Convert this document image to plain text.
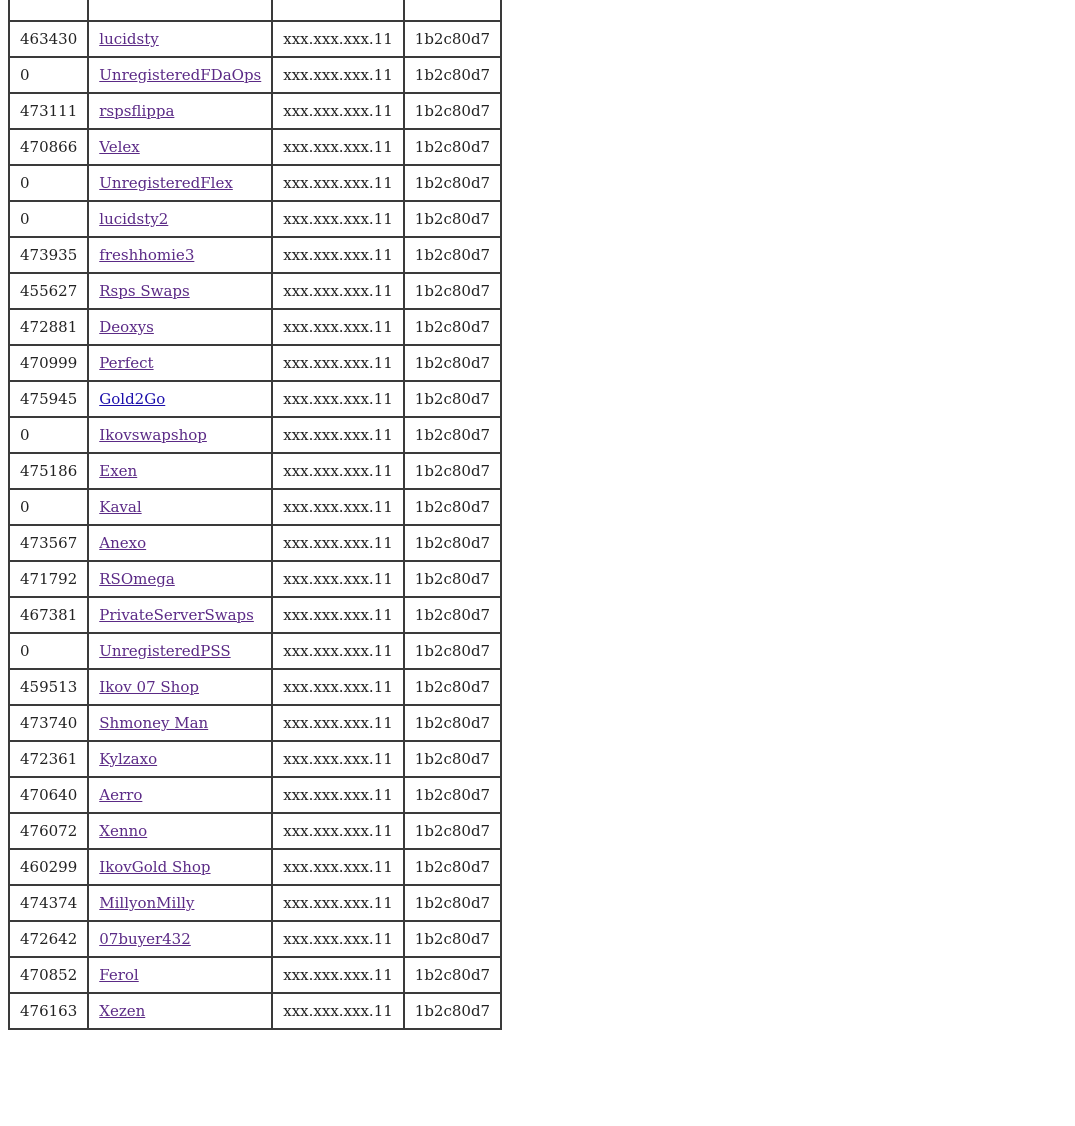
463430	lucidsty	xxx.xxx.xxx.11	1b2c80d7
0	UnregisteredFDaOps	xxx.xxx.xxx.11	1b2c80d7
473111	rspsflippa	xxx.xxx.xxx.11	1b2c80d7
470866	Velex	xxx.xxx.xxx.11	1b2c80d7
0	UnregisteredFlex	xxx.xxx.xxx.11	1b2c80d7
0	lucidsty2	xxx.xxx.xxx.11	1b2c80d7
473935	freshhomie3	xxx.xxx.xxx.11	1b2c80d7
455627	Rsps Swaps	xxx.xxx.xxx.11	1b2c80d7
472881	Deoxys	xxx.xxx.xxx.11	1b2c80d7
470999	Perfect	xxx.xxx.xxx.11	1b2c80d7
475945	Gold2Go	xxx.xxx.xxx.11	1b2c80d7
0	Ikovswapshop	xxx.xxx.xxx.11	1b2c80d7
475186	Exen	xxx.xxx.xxx.11	1b2c80d7
0	Kaval	xxx.xxx.xxx.11	1b2c80d7
473567	Anexo	xxx.xxx.xxx.11	1b2c80d7
471792	RSOmega	xxx.xxx.xxx.11	1b2c80d7
467381	PrivateServerSwaps	xxx.xxx.xxx.11	1b2c80d7
0	UnregisteredPSS	xxx.xxx.xxx.11	1b2c80d7
459513	Ikov 07 Shop	xxx.xxx.xxx.11	1b2c80d7
473740	Shmoney Man	xxx.xxx.xxx.11	1b2c80d7
472361	Kylzaxo	xxx.xxx.xxx.11	1b2c80d7
470640	Aerro	xxx.xxx.xxx.11	1b2c80d7
476072	Xenno	xxx.xxx.xxx.11	1b2c80d7
460299	IkovGold Shop	xxx.xxx.xxx.11	1b2c80d7
474374	MillyonMilly	xxx.xxx.xxx.11	1b2c80d7
472642	07buyer432	xxx.xxx.xxx.11	1b2c80d7
470852	Ferol	xxx.xxx.xxx.11	1b2c80d7
476163	Xezen	xxx.xxx.xxx.11	1b2c80d7
